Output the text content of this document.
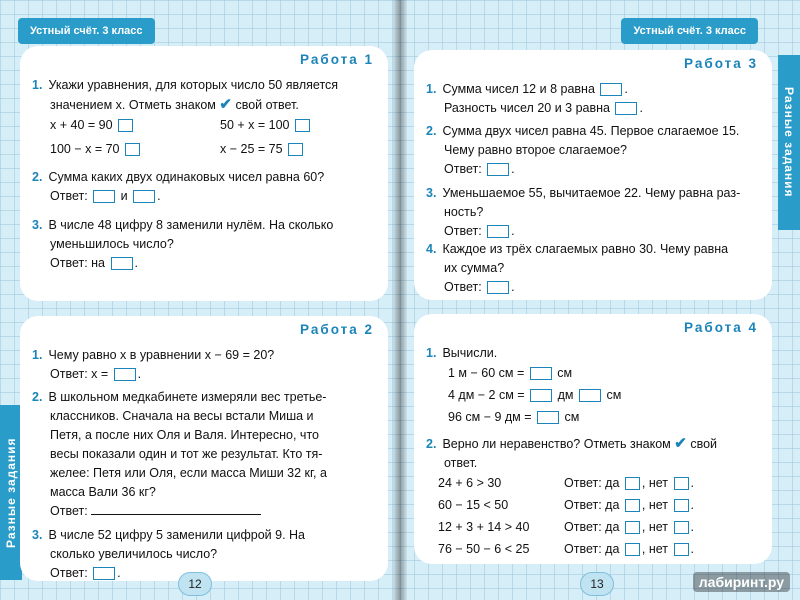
Устный счёт. 3 класс
Разные задания
Работа 1
1. Укажи уравнения, для которых число 50 является
значением x. Отметь знаком ✔ свой ответ.
x + 40 = 90	50 + x = 100
100 − x = 70	x − 25 = 75
2. Сумма каких двух одинаковых чисел равна 60?
Ответ:	и .
3. В числе 48 цифру 8 заменили нулём. На сколько
уменьшилось число?
Ответ: на .
Работа 2
1. Чему равно x в уравнении x − 69 = 20?
Ответ: x = .
2. В школьном медкабинете измеряли вес третье-
классников. Сначала на весы встали Миша и
Петя, а после них Оля и Валя. Интересно, что
весы показали один и тот же результат. Кто тя-
желее: Петя или Оля, если масса Миши 32 кг, а
масса Вали 36 кг?
Ответ:
3. В числе 52 цифру 5 заменили цифрой 9. На
сколько увеличилось число?
Ответ: .
12
Устный счёт. 3 класс
Разные задания
Работа 3
1. Сумма чисел 12 и 8 равна .
Разность чисел 20 и 3 равна .
2. Сумма двух чисел равна 45. Первое слагаемое 15.
Чему равно второе слагаемое?
Ответ: .
3. Уменьшаемое 55, вычитаемое 22. Чему равна раз-
ность?
Ответ: .
4. Каждое из трёх слагаемых равно 30. Чему равна
их сумма?
Ответ: .
Работа 4
1. Вычисли.
1 м − 60 см =	см
4 дм − 2 см =	дм	см
96 см − 9 дм =	см
2. Верно ли неравенство? Отметь знаком ✔ свой
ответ.
24 + 6 > 30	Ответ: да , нет .
60 − 15 < 50	Ответ: да , нет .
12 + 3 + 14 > 40	Ответ: да , нет .
76 − 50 − 6 < 25	Ответ: да , нет .
13	лабиринт.ру
